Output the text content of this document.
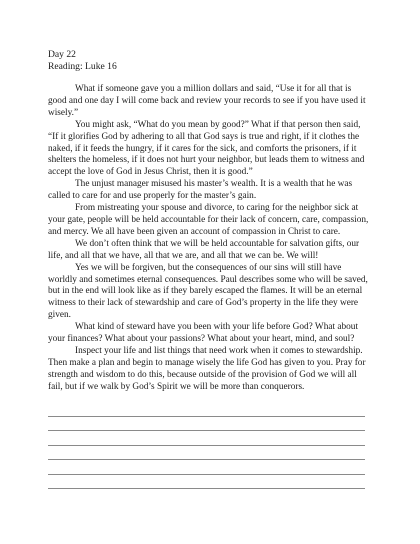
Day 22
Reading: Luke 16

What if someone gave you a million dollars and said, “Use it for all that is good and one day I will come back and review your records to see if you have used it wisely.”

You might ask, “What do you mean by good?” What if that person then said, “If it glorifies God by adhering to all that God says is true and right, if it clothes the naked, if it feeds the hungry, if it cares for the sick, and comforts the prisoners, if it shelters the homeless, if it does not hurt your neighbor, but leads them to witness and accept the love of God in Jesus Christ, then it is good.”

The unjust manager misused his master’s wealth. It is a wealth that he was called to care for and use properly for the master’s gain.

From mistreating your spouse and divorce, to caring for the neighbor sick at your gate, people will be held accountable for their lack of concern, care, compassion, and mercy. We all have been given an account of compassion in Christ to care.

We don’t often think that we will be held accountable for salvation gifts, our life, and all that we have, all that we are, and all that we can be. We will!

Yes we will be forgiven, but the consequences of our sins will still have worldly and sometimes eternal consequences. Paul describes some who will be saved, but in the end will look like as if they barely escaped the flames. It will be an eternal witness to their lack of stewardship and care of God’s property in the life they were given.

What kind of steward have you been with your life before God? What about your finances? What about your passions? What about your heart, mind, and soul?

Inspect your life and list things that need work when it comes to stewardship. Then make a plan and begin to manage wisely the life God has given to you. Pray for strength and wisdom to do this, because outside of the provision of God we will all fail, but if we walk by God’s Spirit we will be more than conquerors.
